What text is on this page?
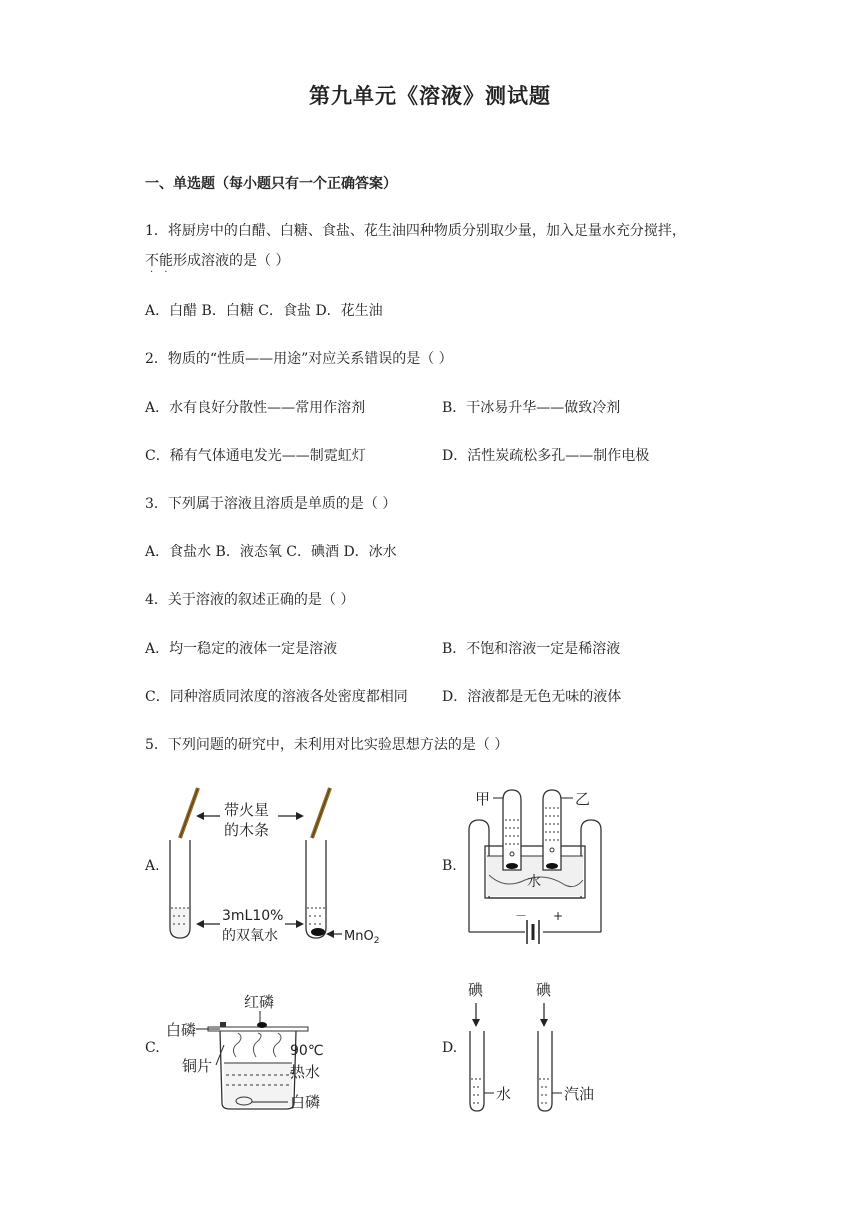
第九单元《溶液》测试题
一、单选题（每小题只有一个正确答案）
1．将厨房中的白醋、白糖、食盐、花生油四种物质分别取少量，加入足量水充分搅拌，
不能形成溶液的是（ ）
· ·
A．白醋 B．白糖 C．食盐 D．花生油
2．物质的“性质——用途”对应关系错误的是（ ）
A．水有良好分散性——常用作溶剂	B．干冰易升华——做致冷剂
C．稀有气体通电发光——制霓虹灯	D．活性炭疏松多孔——制作电极
3．下列属于溶液且溶质是单质的是（ ）
A．食盐水 B．液态氧 C．碘酒 D．冰水
4．关于溶液的叙述正确的是（ ）
A．均一稳定的液体一定是溶液	B．不饱和溶液一定是稀溶液
C．同种溶质同浓度的溶液各处密度都相同 D．溶液都是无色无味的液体
5．下列问题的研究中，未利用对比实验思想方法的是（ ）
A.
带火星
的木条
3mL10%
的双氧水	MnO$_2$
B.
甲	乙
水
－ +
C.
红磷
白磷
铜片
90℃
热水
白磷
D.
碘	碘
水	汽油
